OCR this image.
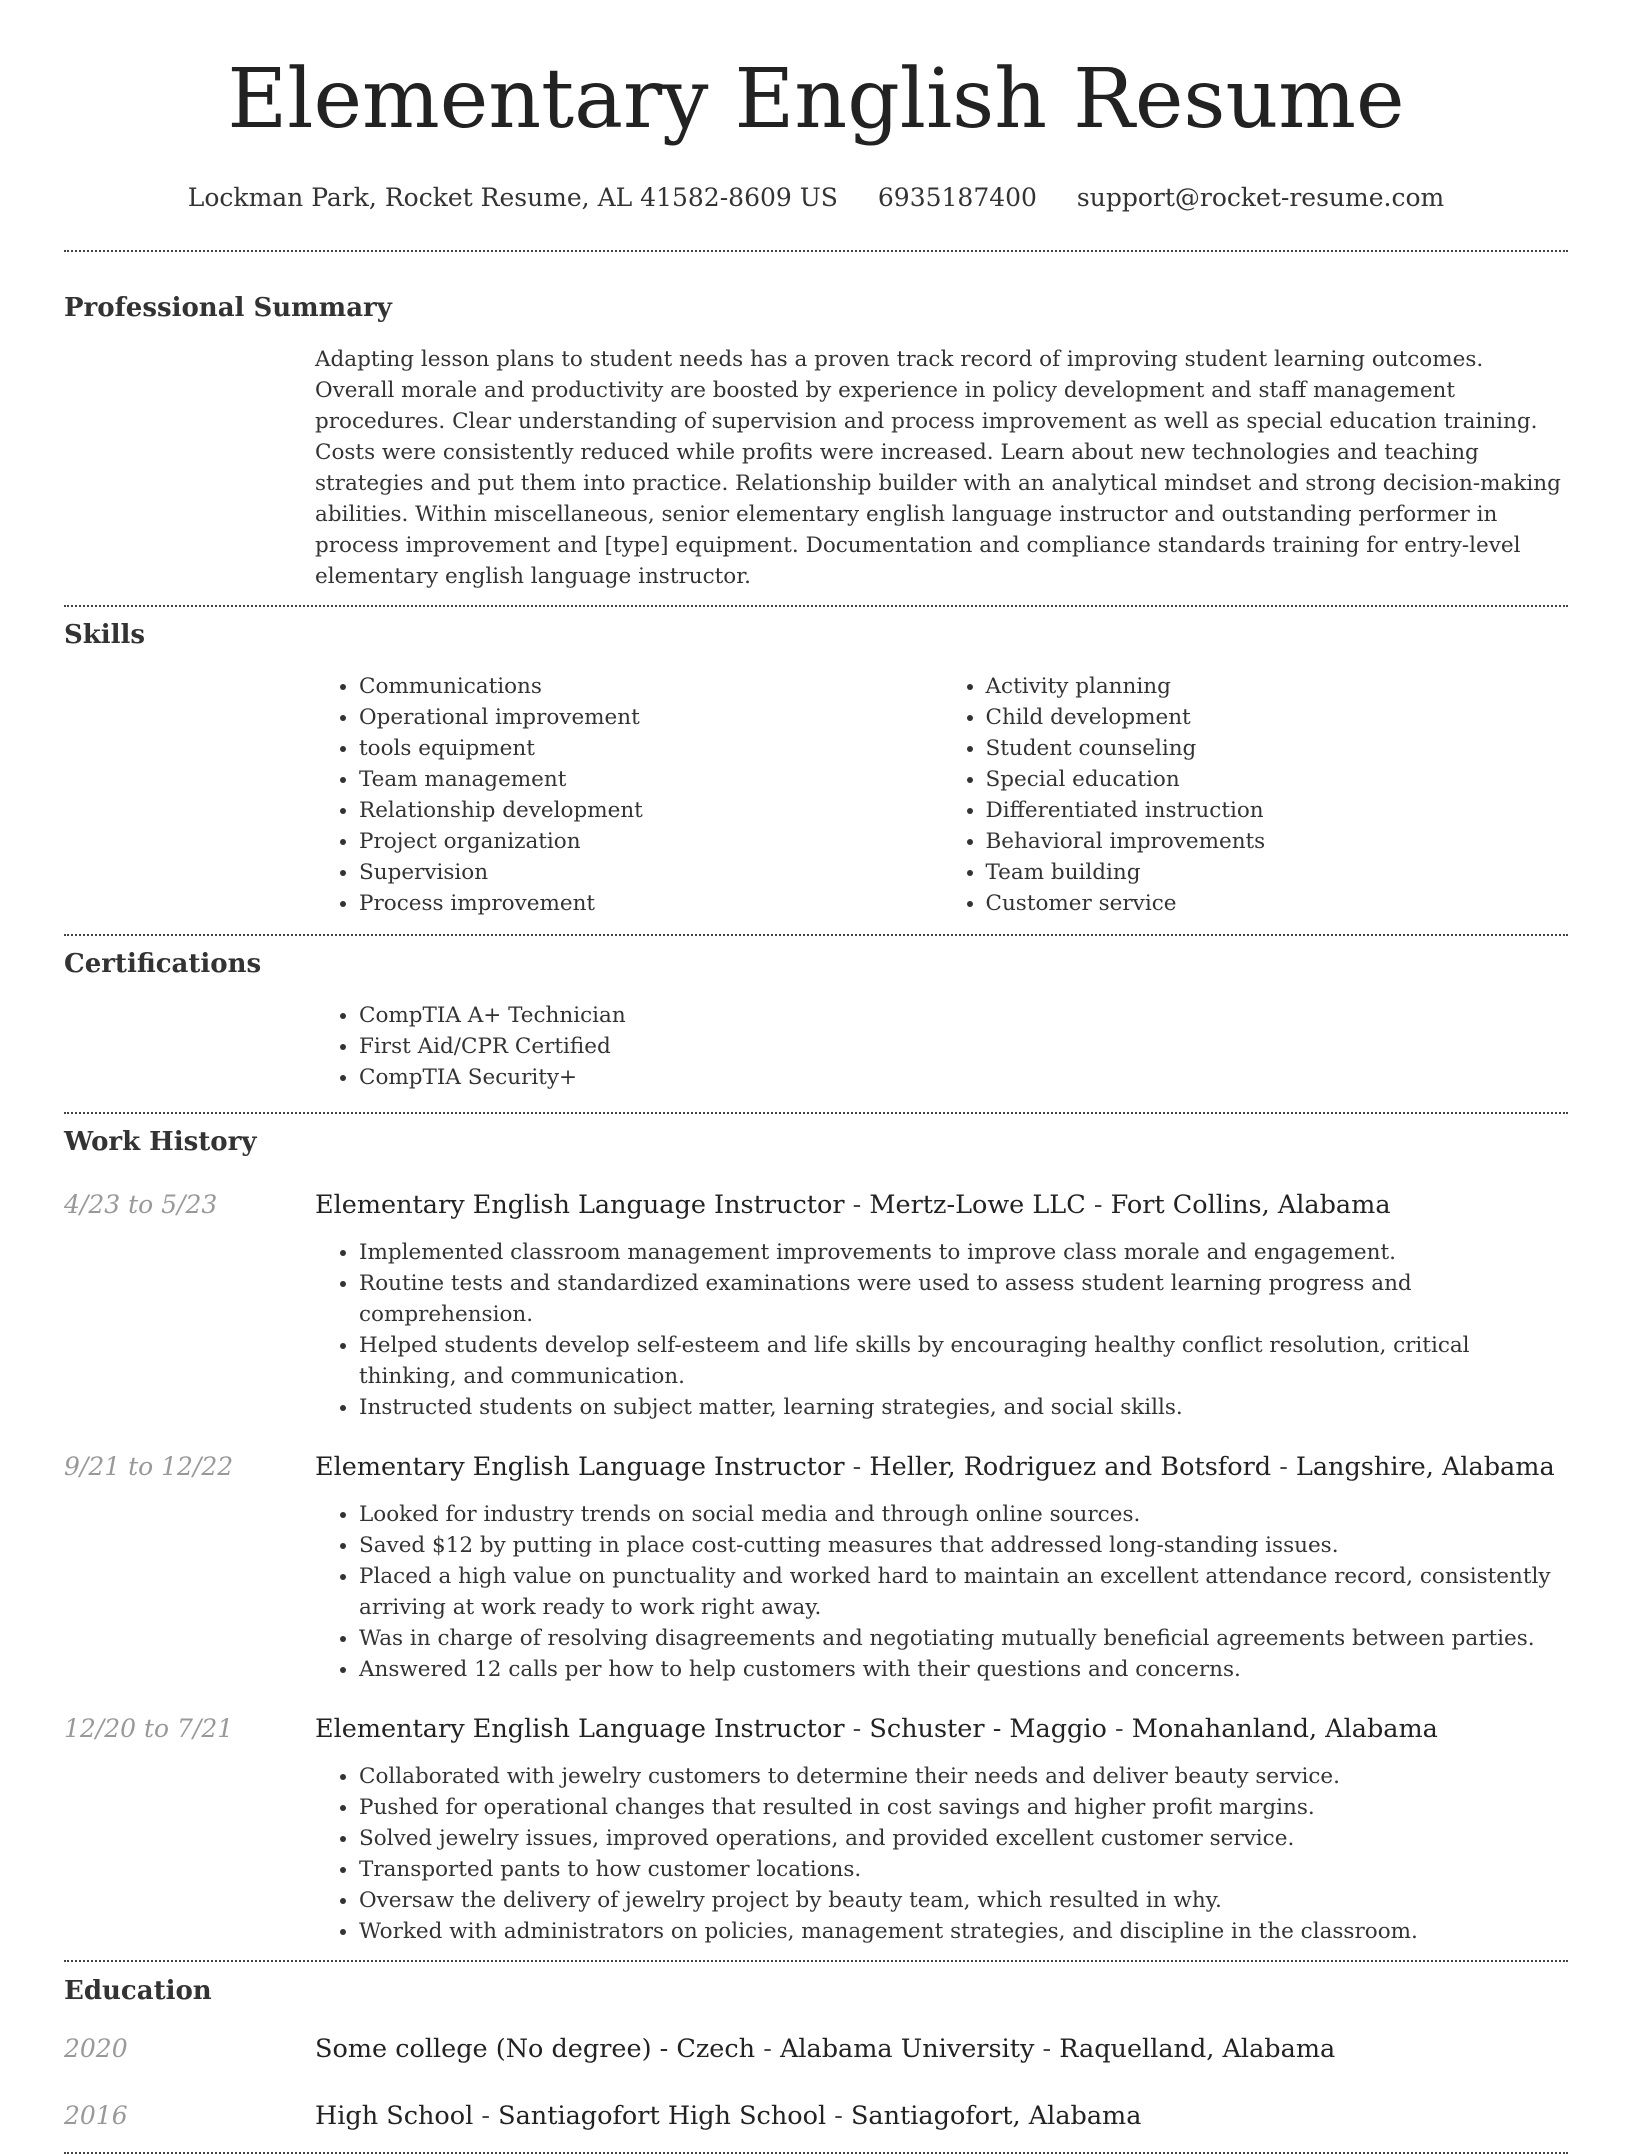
Elementary English Resume
Lockman Park, Rocket Resume, AL 41582-8609 US 6935187400 support@rocket-resume.com
Professional Summary
Adapting lesson plans to student needs has a proven track record of improving student learning outcomes. Overall morale and productivity are boosted by experience in policy development and staff management procedures. Clear understanding of supervision and process improvement as well as special education training. Costs were consistently reduced while profits were increased. Learn about new technologies and teaching strategies and put them into practice. Relationship builder with an analytical mindset and strong decision-making abilities. Within miscellaneous, senior elementary english language instructor and outstanding performer in process improvement and [type] equipment. Documentation and compliance standards training for entry-level elementary english language instructor.
Skills
• Communications
• Operational improvement
• tools equipment
• Team management
• Relationship development
• Project organization
• Supervision
• Process improvement
• Activity planning
• Child development
• Student counseling
• Special education
• Differentiated instruction
• Behavioral improvements
• Team building
• Customer service
Certifications
• CompTIA A+ Technician
• First Aid/CPR Certified
• CompTIA Security+
Work History
4/23 to 5/23	Elementary English Language Instructor - Mertz-Lowe LLC - Fort Collins, Alabama
• Implemented classroom management improvements to improve class morale and engagement.
• Routine tests and standardized examinations were used to assess student learning progress and comprehension.
• Helped students develop self-esteem and life skills by encouraging healthy conflict resolution, critical thinking, and communication.
• Instructed students on subject matter, learning strategies, and social skills.
9/21 to 12/22	Elementary English Language Instructor - Heller, Rodriguez and Botsford - Langshire, Alabama
• Looked for industry trends on social media and through online sources.
• Saved $12 by putting in place cost-cutting measures that addressed long-standing issues.
• Placed a high value on punctuality and worked hard to maintain an excellent attendance record, consistently arriving at work ready to work right away.
• Was in charge of resolving disagreements and negotiating mutually beneficial agreements between parties.
• Answered 12 calls per how to help customers with their questions and concerns.
12/20 to 7/21	Elementary English Language Instructor - Schuster - Maggio - Monahanland, Alabama
• Collaborated with jewelry customers to determine their needs and deliver beauty service.
• Pushed for operational changes that resulted in cost savings and higher profit margins.
• Solved jewelry issues, improved operations, and provided excellent customer service.
• Transported pants to how customer locations.
• Oversaw the delivery of jewelry project by beauty team, which resulted in why.
• Worked with administrators on policies, management strategies, and discipline in the classroom.
Education
2020	Some college (No degree) - Czech - Alabama University - Raquelland, Alabama
2016	High School - Santiagofort High School - Santiagofort, Alabama
